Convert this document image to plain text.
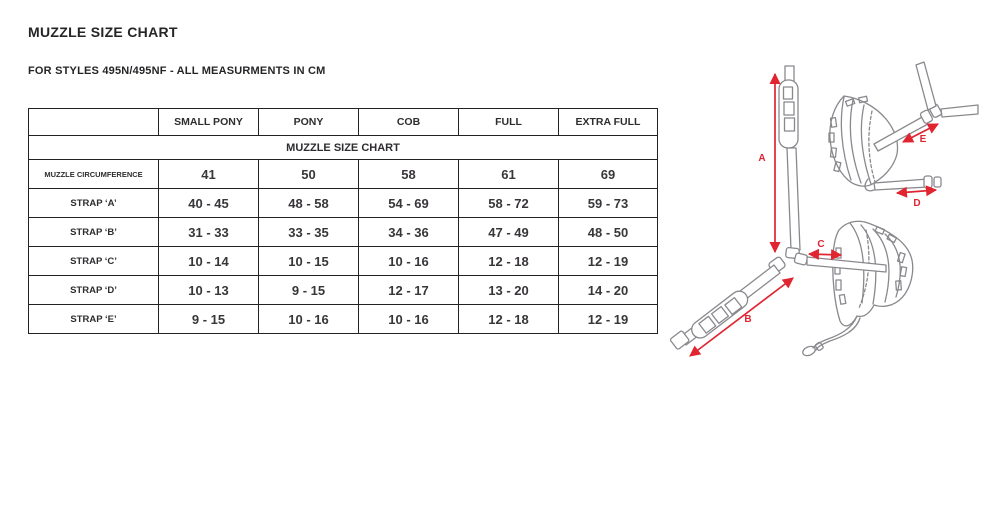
MUZZLE SIZE CHART
FOR STYLES 495N/495NF - ALL MEASURMENTS IN CM
MUZZLE SIZE CHART					
	SMALL PONY	PONY	COB	FULL	EXTRA FULL
MUZZLE CIRCUMFERENCE	41	50	58	61	69
STRAP ‘A’	40 - 45	48 - 58	54 - 69	58 - 72	59 - 73
STRAP ‘B’	31 - 33	33 - 35	34 - 36	47 - 49	48 - 50
STRAP ‘C’	10 - 14	10 - 15	10 - 16	12 - 18	12 - 19
STRAP ‘D’	10 - 13	9 - 15	12 - 17	13 - 20	14 - 20
STRAP ‘E’	9 - 15	10 - 16	10 - 16	12 - 18	12 - 19
A
B
C
D
E
